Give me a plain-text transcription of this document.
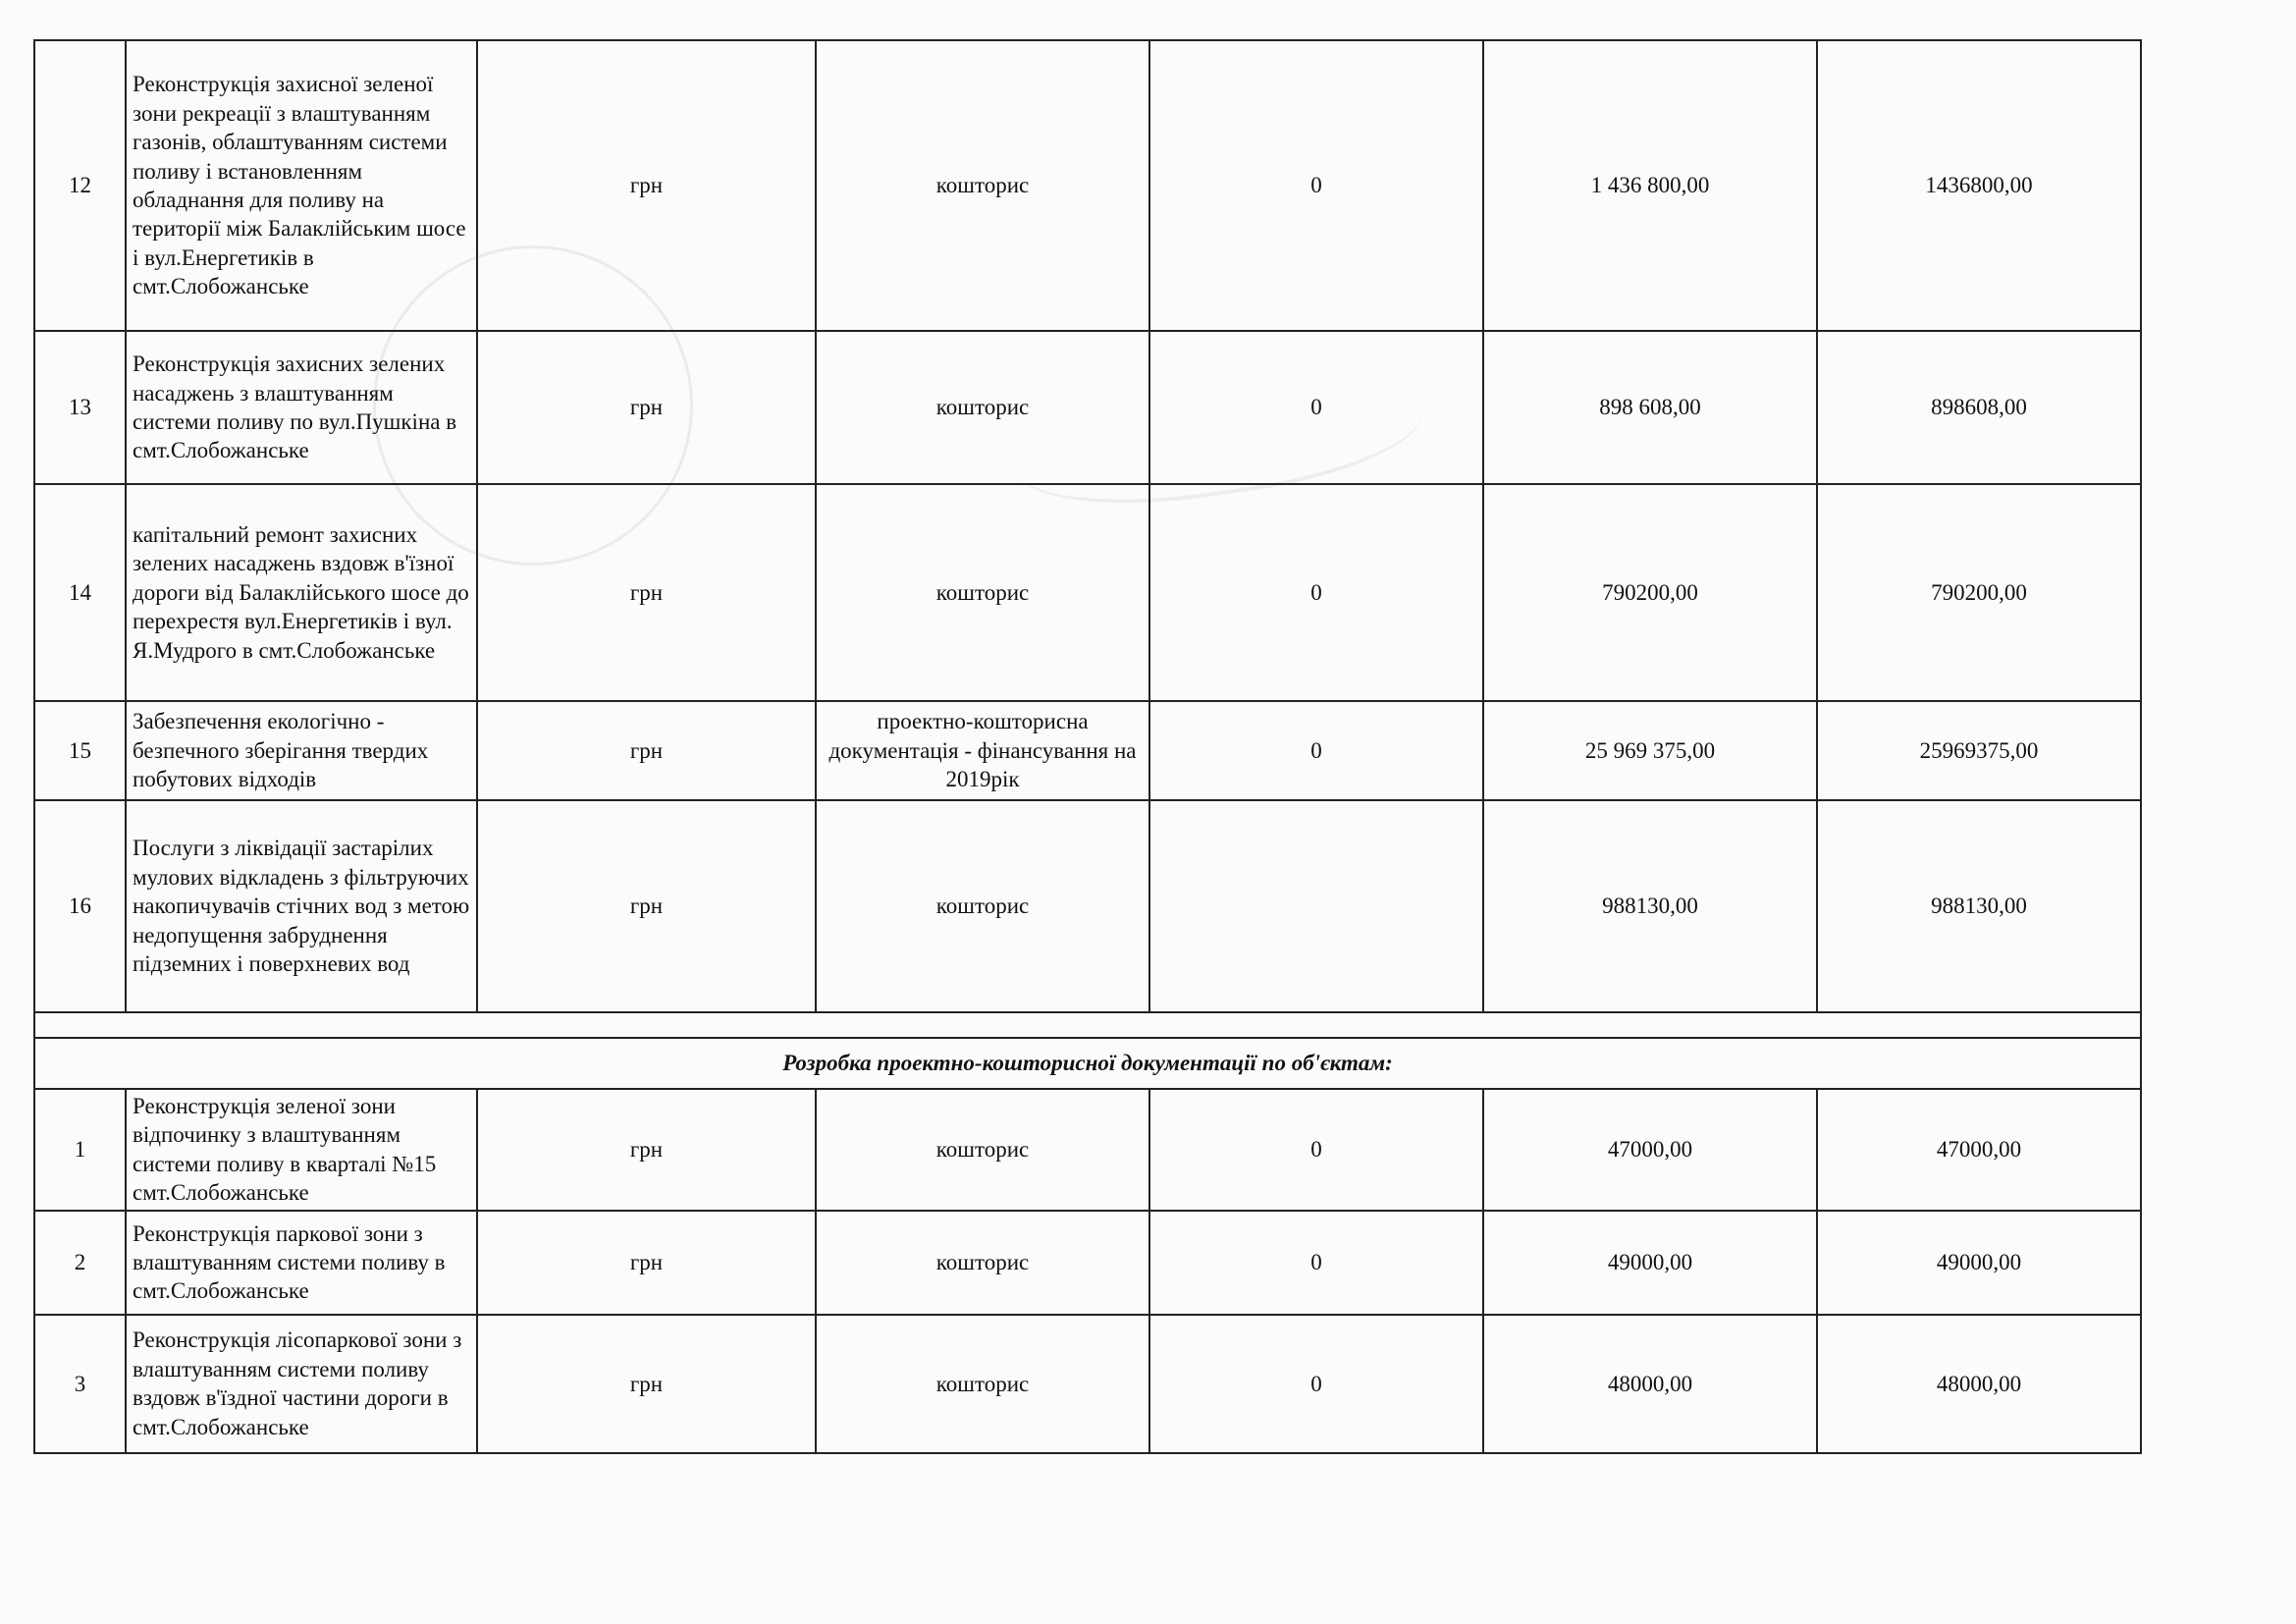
12	Реконструкція захисної зеленої зони рекреації з влаштуванням газонів, облаштуванням системи поливу і встановленням обладнання для поливу на території між Балаклійським шосе і вул.Енергетиків в смт.Слобожанське	грн	кошторис	0	1 436 800,00	1436800,00
13	Реконструкція захисних зелених насаджень з влаштуванням системи поливу по вул.Пушкіна в смт.Слобожанське	грн	кошторис	0	898 608,00	898608,00
14	капітальний ремонт захисних зелених насаджень вздовж в'їзної дороги від Балаклійського шосе до перехрестя вул.Енергетиків і вул. Я.Мудрого в смт.Слобожанське	грн	кошторис	0	790200,00	790200,00
15	Забезпечення екологічно - безпечного зберігання твердих побутових відходів	грн	проектно-кошторисна документація - фінансування на 2019рік	0	25 969 375,00	25969375,00
16	Послуги з ліквідації застарілих мулових відкладень з фільтруючих накопичувачів стічних вод з метою недопущення забруднення підземних і поверхневих вод	грн	кошторис		988130,00	988130,00

Розробка проектно-кошторисної документації по об'єктам:						
1	Реконструкція зеленої зони відпочинку з влаштуванням системи поливу в кварталі №15 смт.Слобожанське	грн	кошторис	0	47000,00	47000,00
2	Реконструкція паркової зони з влаштуванням системи поливу в смт.Слобожанське	грн	кошторис	0	49000,00	49000,00
3	Реконструкція лісопаркової зони з влаштуванням системи поливу вздовж в'їздної частини дороги в смт.Слобожанське	грн	кошторис	0	48000,00	48000,00
